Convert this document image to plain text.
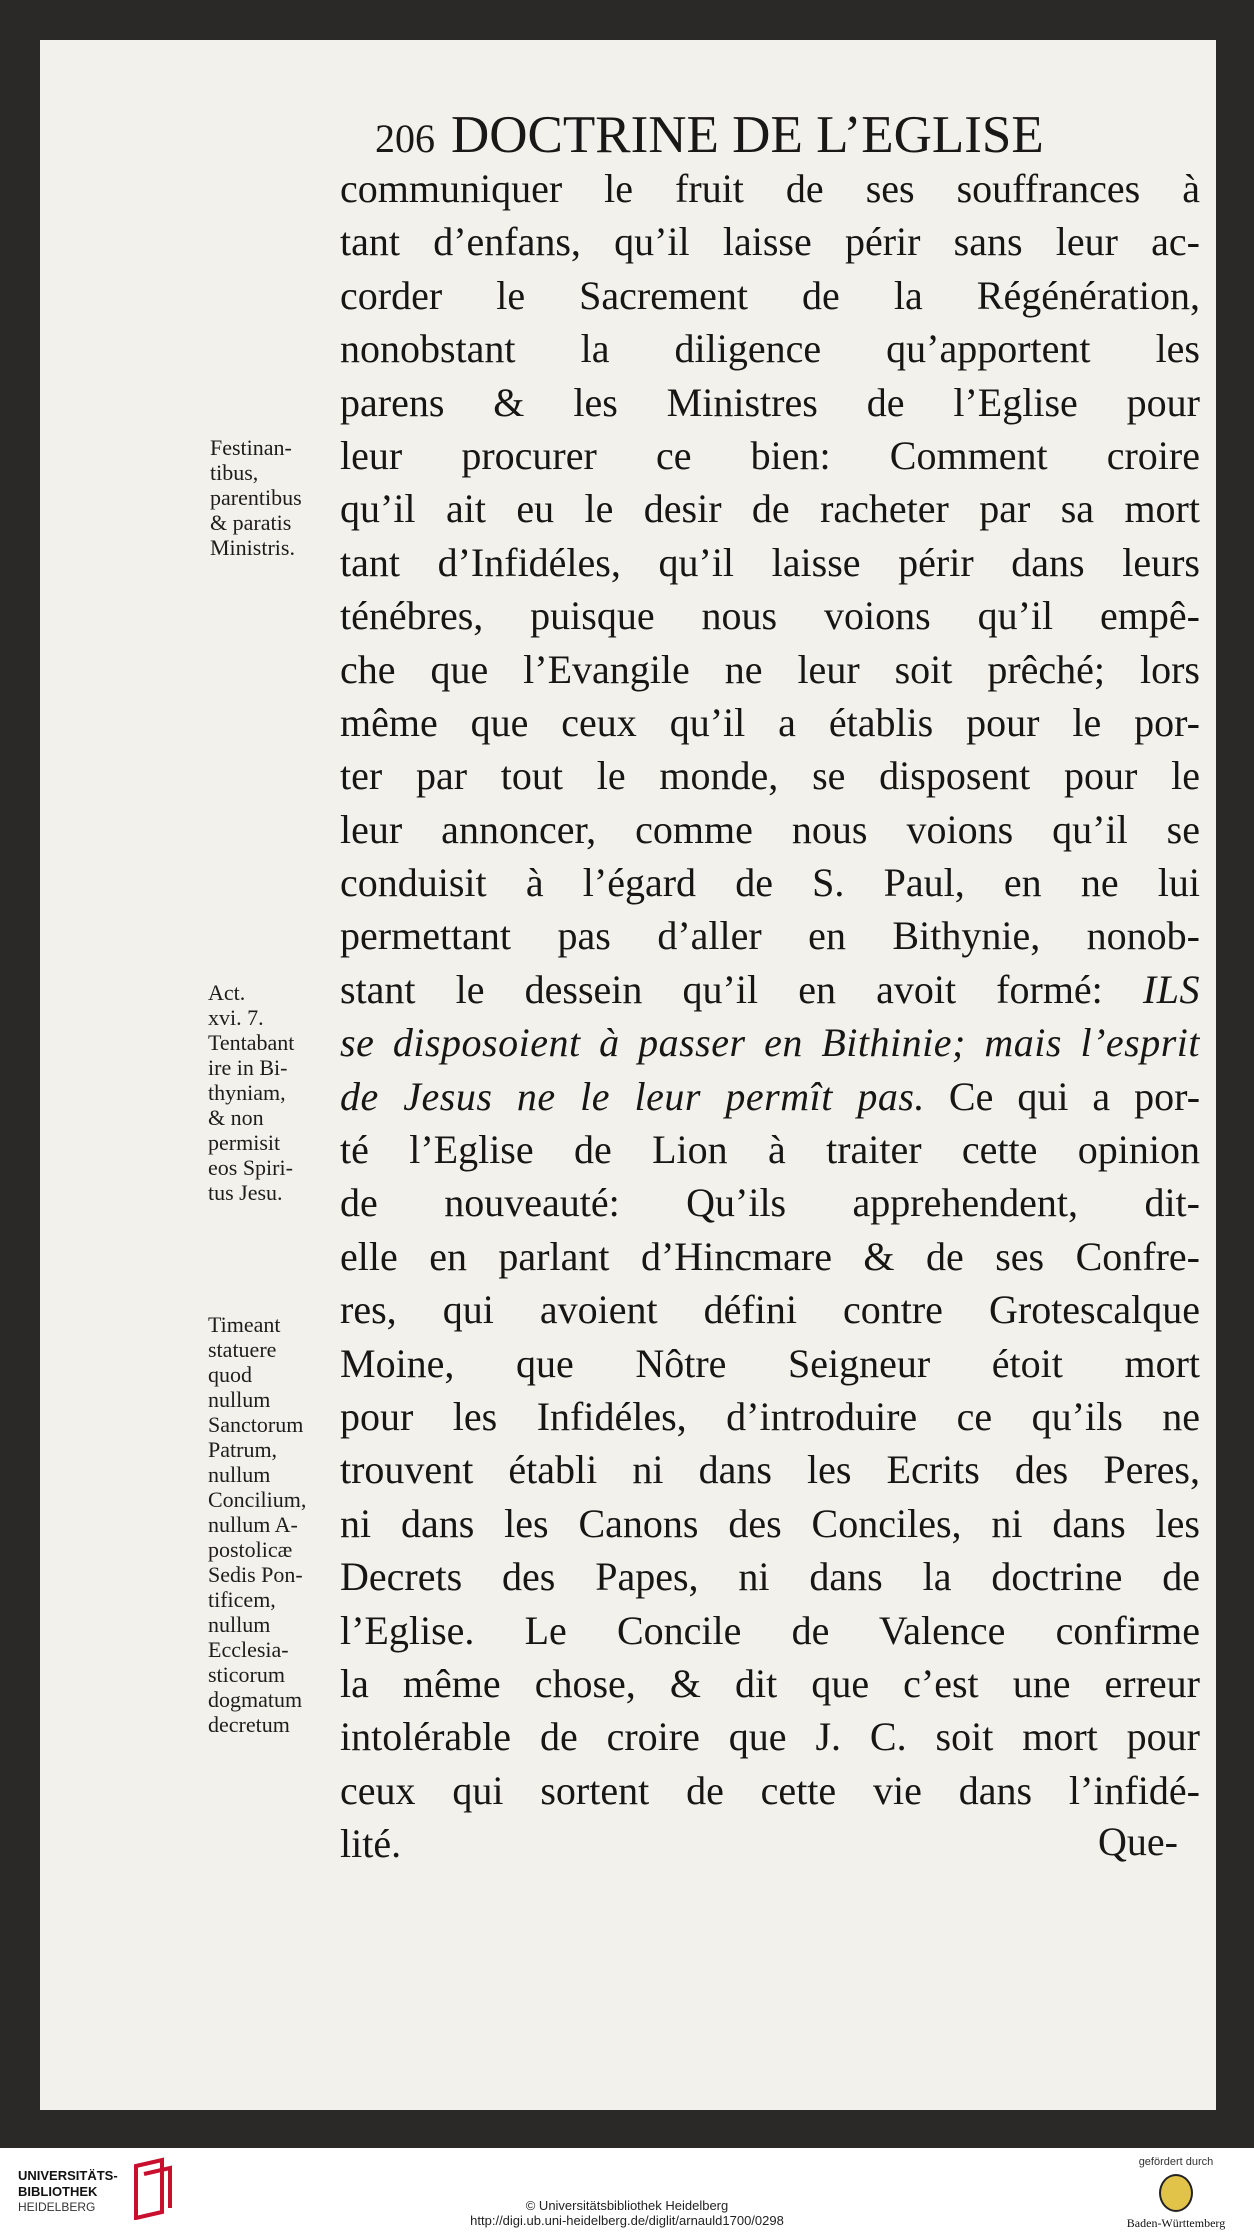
206 DOCTRINE DE L’EGLISE
communiquer le fruit de ses souffrances à
tant d’enfans, qu’il laisse périr sans leur ac-
corder le Sacrement de la Régénération,
nonobstant la diligence qu’apportent les
parens & les Ministres de l’Eglise pour
leur procurer ce bien: Comment croire
qu’il ait eu le desir de racheter par sa mort
tant d’Infidéles, qu’il laisse périr dans leurs
ténébres, puisque nous voions qu’il empê-
che que l’Evangile ne leur soit prêché; lors
même que ceux qu’il a établis pour le por-
ter par tout le monde, se disposent pour le
leur annoncer, comme nous voions qu’il se
conduisit à l’égard de S. Paul, en ne lui
permettant pas d’aller en Bithynie, nonob-
stant le dessein qu’il en avoit formé: ILS
se disposoient à passer en Bithinie; mais l’esprit
de Jesus ne le leur permît pas. Ce qui a por-
té l’Eglise de Lion à traiter cette opinion
de nouveauté: Qu’ils apprehendent, dit-
elle en parlant d’Hincmare & de ses Confre-
res, qui avoient défini contre Grotescalque
Moine, que Nôtre Seigneur étoit mort
pour les Infidéles, d’introduire ce qu’ils ne
trouvent établi ni dans les Ecrits des Peres,
ni dans les Canons des Conciles, ni dans les
Decrets des Papes, ni dans la doctrine de
l’Eglise. Le Concile de Valence confirme
la même chose, & dit que c’est une erreur
intolérable de croire que J. C. soit mort pour
ceux qui sortent de cette vie dans l’infidé-
lité.	Que-
Festinan-
tibus,
parentibus
& paratis
Ministris.
Act.
xvi. 7.
Tentabant
ire in Bi-
thyniam,
& non
permisit
eos Spiri-
tus Jesu.
Timeant
statuere
quod
nullum
Sanctorum
Patrum,
nullum
Concilium,
nullum A-
postolicæ
Sedis Pon-
tificem,
nullum
Ecclesia-
sticorum
dogmatum
decretum
UNIVERSITÄTS-
BIBLIOTHEK
HEIDELBERG	© Universitätsbibliothek Heidelberg
http://digi.ub.uni-heidelberg.de/diglit/arnauld1700/0298
gefördert durch
Baden-Württemberg
